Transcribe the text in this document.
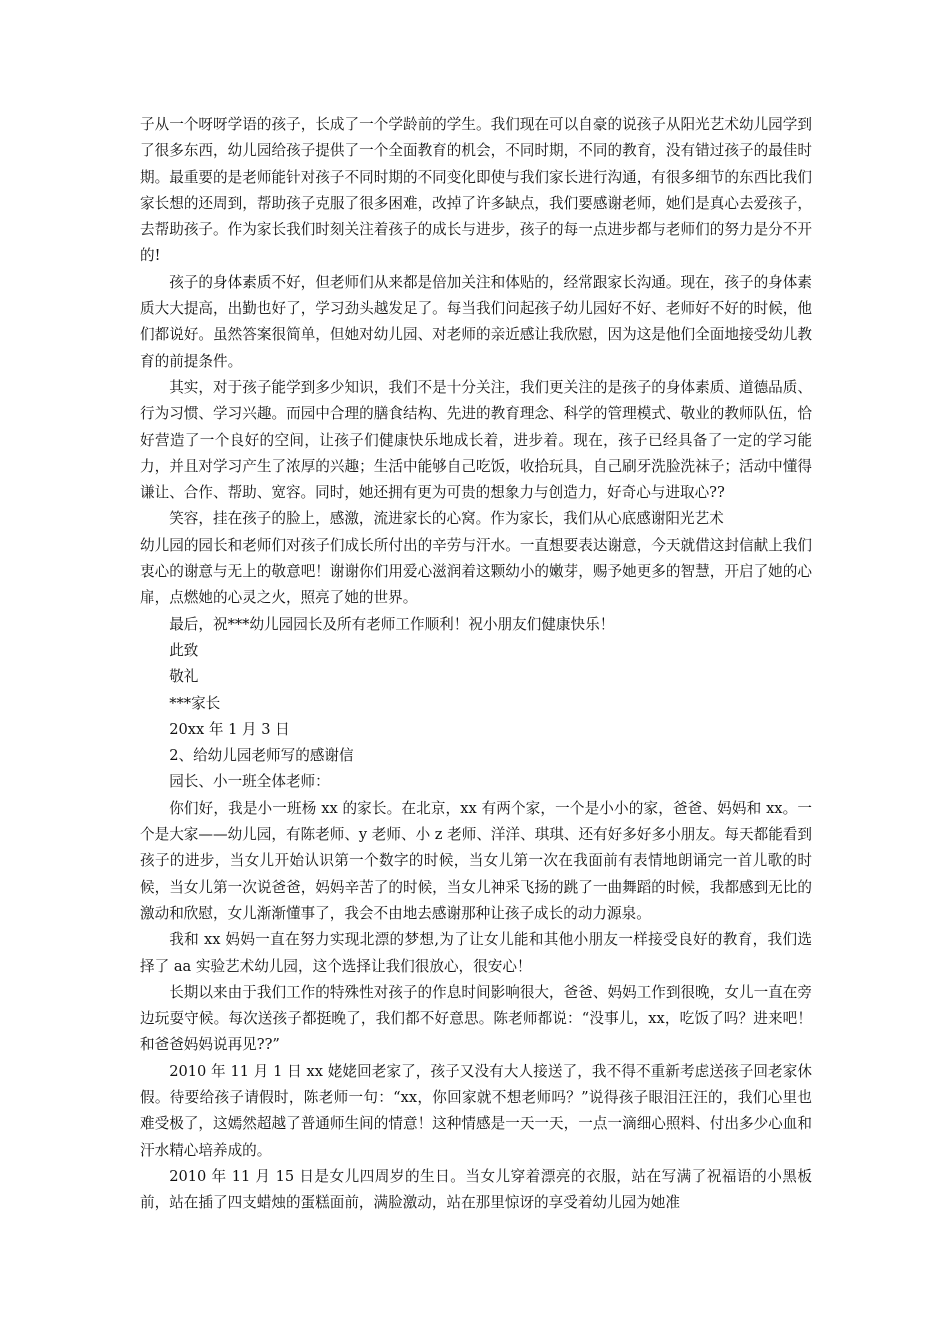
子从一个呀呀学语的孩子，长成了一个学龄前的学生。我们现在可以自豪的说孩子从阳光艺术幼儿园学到了很多东西，幼儿园给孩子提供了一个全面教育的机会，不同时期，不同的教育，没有错过孩子的最佳时期。最重要的是老师能针对孩子不同时期的不同变化即使与我们家长进行沟通，有很多细节的东西比我们家长想的还周到，帮助孩子克服了很多困难，改掉了许多缺点，我们要感谢老师，她们是真心去爱孩子，去帮助孩子。作为家长我们时刻关注着孩子的成长与进步，孩子的每一点进步都与老师们的努力是分不开的!

孩子的身体素质不好，但老师们从来都是倍加关注和体贴的，经常跟家长沟通。现在，孩子的身体素质大大提高，出勤也好了，学习劲头越发足了。每当我们问起孩子幼儿园好不好、老师好不好的时候，他们都说好。虽然答案很简单，但她对幼儿园、对老师的亲近感让我欣慰，因为这是他们全面地接受幼儿教育的前提条件。

其实，对于孩子能学到多少知识，我们不是十分关注，我们更关注的是孩子的身体素质、道德品质、行为习惯、学习兴趣。而园中合理的膳食结构、先进的教育理念、科学的管理模式、敬业的教师队伍，恰好营造了一个良好的空间，让孩子们健康快乐地成长着，进步着。现在，孩子已经具备了一定的学习能力，并且对学习产生了浓厚的兴趣；生活中能够自己吃饭，收拾玩具，自己刷牙洗脸洗袜子；活动中懂得谦让、合作、帮助、宽容。同时，她还拥有更为可贵的想象力与创造力，好奇心与进取心??

笑容，挂在孩子的脸上，感激，流进家长的心窝。作为家长，我们从心底感谢阳光艺术

幼儿园的园长和老师们对孩子们成长所付出的辛劳与汗水。一直想要表达谢意，今天就借这封信献上我们衷心的谢意与无上的敬意吧！谢谢你们用爱心滋润着这颗幼小的嫩芽，赐予她更多的智慧，开启了她的心扉，点燃她的心灵之火，照亮了她的世界。

最后，祝***幼儿园园长及所有老师工作顺利！祝小朋友们健康快乐！

此致

敬礼

***家长

20xx 年 1 月 3 日

2、给幼儿园老师写的感谢信

园长、小一班全体老师：

你们好，我是小一班杨 xx 的家长。在北京，xx 有两个家，一个是小小的家，爸爸、妈妈和 xx。一个是大家——幼儿园，有陈老师、y 老师、小 z 老师、洋洋、琪琪、还有好多好多小朋友。每天都能看到孩子的进步，当女儿开始认识第一个数字的时候，当女儿第一次在我面前有表情地朗诵完一首儿歌的时候，当女儿第一次说爸爸，妈妈辛苦了的时候，当女儿神采飞扬的跳了一曲舞蹈的时候，我都感到无比的激动和欣慰，女儿渐渐懂事了，我会不由地去感谢那种让孩子成长的动力源泉。

我和 xx 妈妈一直在努力实现北漂的梦想,为了让女儿能和其他小朋友一样接受良好的教育，我们选择了 aa 实验艺术幼儿园，这个选择让我们很放心，很安心！

长期以来由于我们工作的特殊性对孩子的作息时间影响很大，爸爸、妈妈工作到很晚，女儿一直在旁边玩耍守候。每次送孩子都挺晚了，我们都不好意思。陈老师都说：“没事儿，xx，吃饭了吗？进来吧！和爸爸妈妈说再见??”

2010 年 11 月 1 日 xx 姥姥回老家了，孩子又没有大人接送了，我不得不重新考虑送孩子回老家休假。待要给孩子请假时，陈老师一句：“xx，你回家就不想老师吗？”说得孩子眼泪汪汪的，我们心里也难受极了，这嫣然超越了普通师生间的情意！这种情感是一天一天，一点一滴细心照料、付出多少心血和汗水精心培养成的。

2010 年 11 月 15 日是女儿四周岁的生日。当女儿穿着漂亮的衣服，站在写满了祝福语的小黑板前，站在插了四支蜡烛的蛋糕面前，满脸激动，站在那里惊讶的享受着幼儿园为她准
